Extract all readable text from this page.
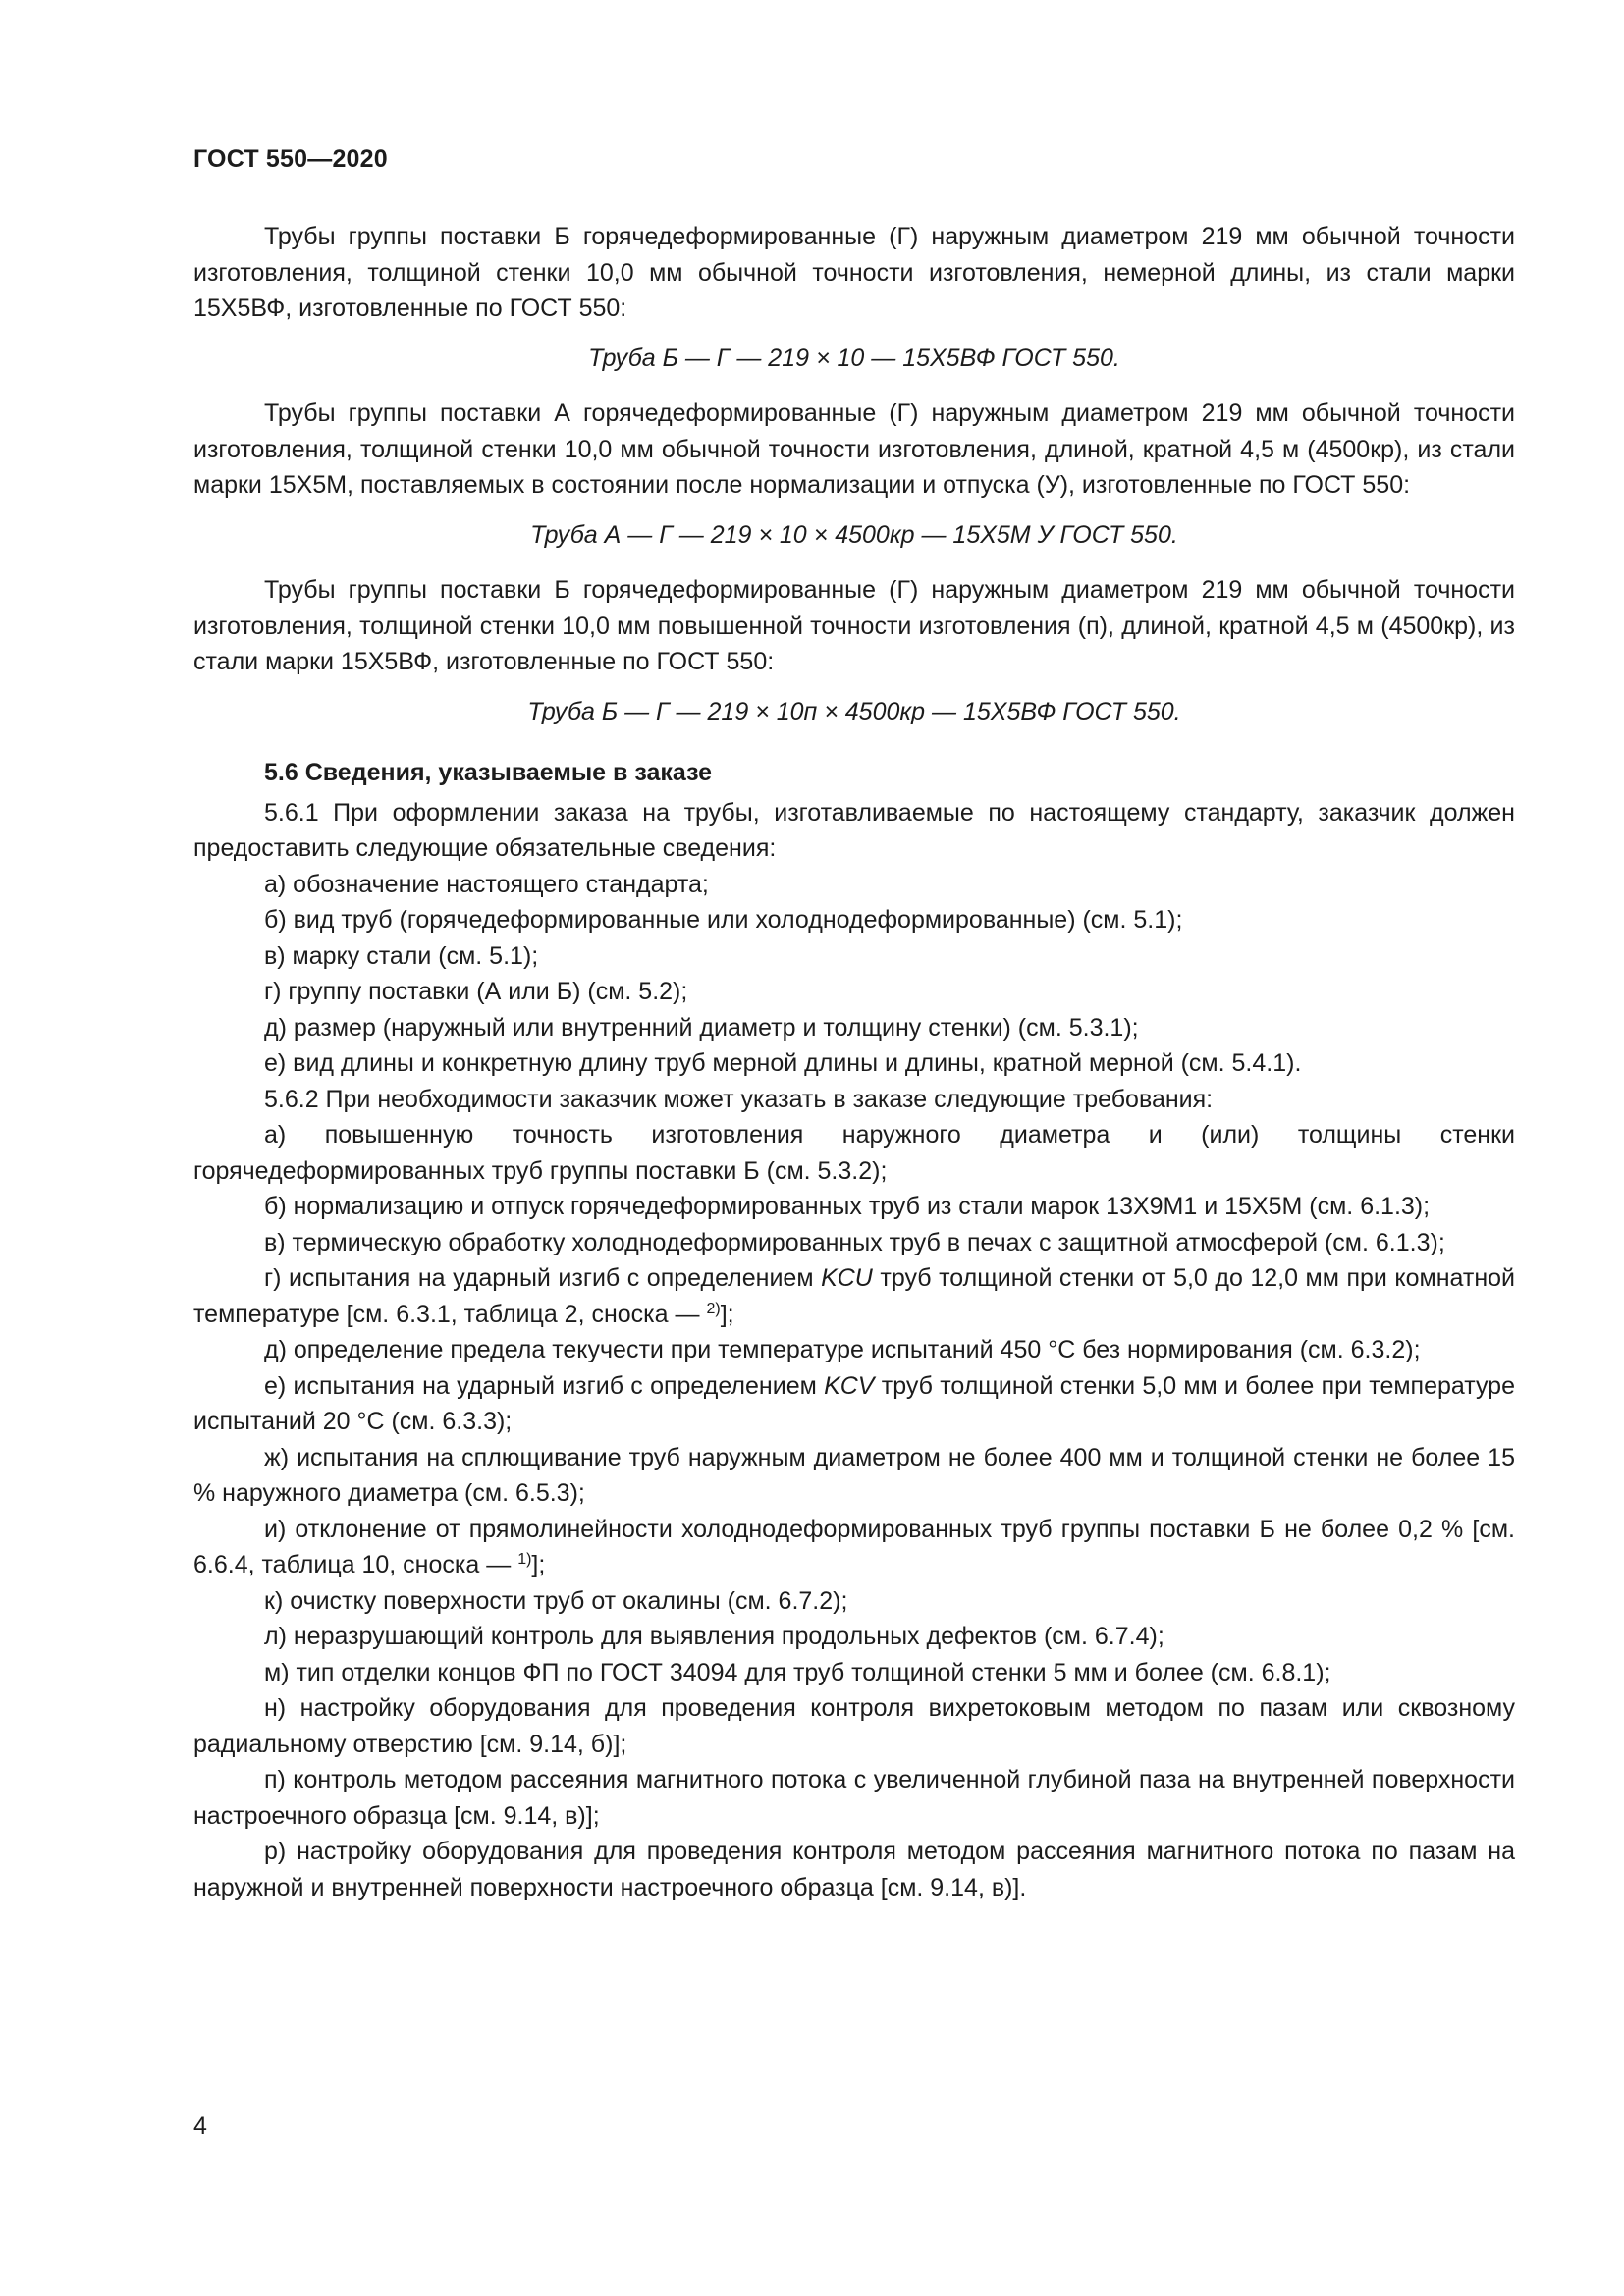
ГОСТ 550—2020

Трубы группы поставки Б горячедеформированные (Г) наружным диаметром 219 мм обычной точности изготовления, толщиной стенки 10,0 мм обычной точности изготовления, немерной длины, из стали марки 15Х5ВФ, изготовленные по ГОСТ 550:

Труба Б — Г — 219 × 10 — 15Х5ВФ ГОСТ 550.

Трубы группы поставки А горячедеформированные (Г) наружным диаметром 219 мм обычной точности изготовления, толщиной стенки 10,0 мм обычной точности изготовления, длиной, кратной 4,5 м (4500кр), из стали марки 15Х5М, поставляемых в состоянии после нормализации и отпуска (У), изготовленные по ГОСТ 550:

Труба А — Г — 219 × 10 × 4500кр — 15Х5М У ГОСТ 550.

Трубы группы поставки Б горячедеформированные (Г) наружным диаметром 219 мм обычной точности изготовления, толщиной стенки 10,0 мм повышенной точности изготовления (п), длиной, кратной 4,5 м (4500кр), из стали марки 15Х5ВФ, изготовленные по ГОСТ 550:

Труба Б — Г — 219 × 10п × 4500кр — 15Х5ВФ ГОСТ 550.

5.6 Сведения, указываемые в заказе

5.6.1 При оформлении заказа на трубы, изготавливаемые по настоящему стандарту, заказчик должен предоставить следующие обязательные сведения:

а) обозначение настоящего стандарта;

б) вид труб (горячедеформированные или холоднодеформированные) (см. 5.1);

в) марку стали (см. 5.1);

г) группу поставки (А или Б) (см. 5.2);

д) размер (наружный или внутренний диаметр и толщину стенки) (см. 5.3.1);

е) вид длины и конкретную длину труб мерной длины и длины, кратной мерной (см. 5.4.1).

5.6.2 При необходимости заказчик может указать в заказе следующие требования:

а) повышенную точность изготовления наружного диаметра и (или) толщины стенки горячедеформированных труб группы поставки Б (см. 5.3.2);

б) нормализацию и отпуск горячедеформированных труб из стали марок 13Х9М1 и 15Х5М (см. 6.1.3);

в) термическую обработку холоднодеформированных труб в печах с защитной атмосферой (см. 6.1.3);

г) испытания на ударный изгиб с определением KCU труб толщиной стенки от 5,0 до 12,0 мм при комнатной температуре [см. 6.3.1, таблица 2, сноска — $^{2)}$];

д) определение предела текучести при температуре испытаний 450 °С без нормирования (см. 6.3.2);

е) испытания на ударный изгиб с определением KCV труб толщиной стенки 5,0 мм и более при температуре испытаний 20 °С (см. 6.3.3);

ж) испытания на сплющивание труб наружным диаметром не более 400 мм и толщиной стенки не более 15 % наружного диаметра (см. 6.5.3);

и) отклонение от прямолинейности холоднодеформированных труб группы поставки Б не более 0,2 % [см. 6.6.4, таблица 10, сноска — $^{1)}$];

к) очистку поверхности труб от окалины (см. 6.7.2);

л) неразрушающий контроль для выявления продольных дефектов (см. 6.7.4);

м) тип отделки концов ФП по ГОСТ 34094 для труб толщиной стенки 5 мм и более (см. 6.8.1);

н) настройку оборудования для проведения контроля вихретоковым методом по пазам или сквозному радиальному отверстию [см. 9.14, б)];

п) контроль методом рассеяния магнитного потока с увеличенной глубиной паза на внутренней поверхности настроечного образца [см. 9.14, в)];

р) настройку оборудования для проведения контроля методом рассеяния магнитного потока по пазам на наружной и внутренней поверхности настроечного образца [см. 9.14, в)].

4
